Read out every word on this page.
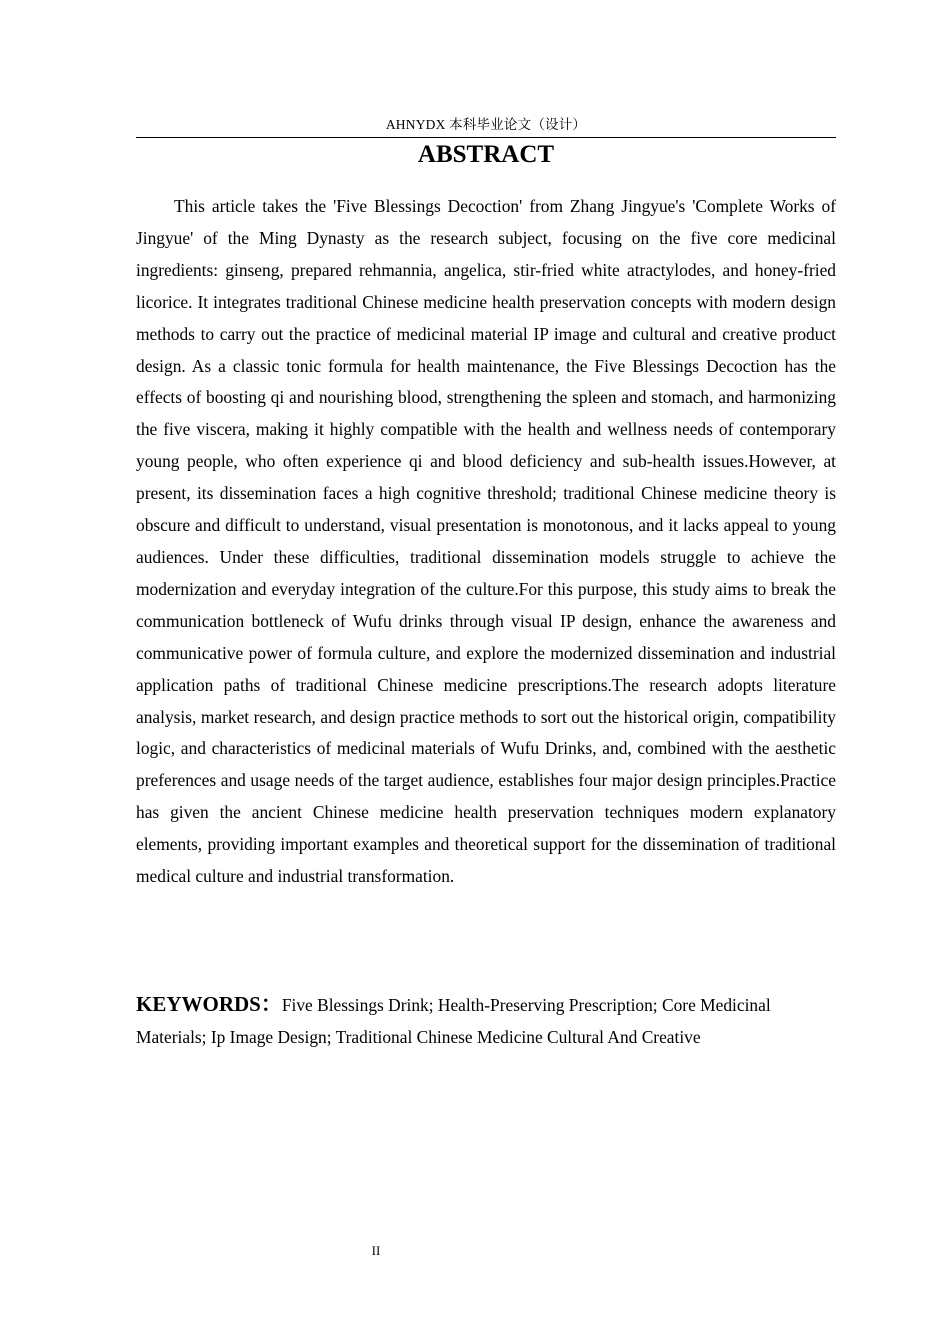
AHNYDX 本科毕业论文（设计）
ABSTRACT

This article takes the 'Five Blessings Decoction' from Zhang Jingyue's 'Complete Works of Jingyue' of the Ming Dynasty as the research subject, focusing on the five core medicinal ingredients: ginseng, prepared rehmannia, angelica, stir-fried white atractylodes, and honey-fried licorice. It integrates traditional Chinese medicine health preservation concepts with modern design methods to carry out the practice of medicinal material IP image and cultural and creative product design. As a classic tonic formula for health maintenance, the Five Blessings Decoction has the effects of boosting qi and nourishing blood, strengthening the spleen and stomach, and harmonizing the five viscera, making it highly compatible with the health and wellness needs of contemporary young people, who often experience qi and blood deficiency and sub-health issues.However, at present, its dissemination faces a high cognitive threshold; traditional Chinese medicine theory is obscure and difficult to understand, visual presentation is monotonous, and it lacks appeal to young audiences. Under these difficulties, traditional dissemination models struggle to achieve the modernization and everyday integration of the culture.For this purpose, this study aims to break the communication bottleneck of Wufu drinks through visual IP design, enhance the awareness and communicative power of formula culture, and explore the modernized dissemination and industrial application paths of traditional Chinese medicine prescriptions.The research adopts literature analysis, market research, and design practice methods to sort out the historical origin, compatibility logic, and characteristics of medicinal materials of Wufu Drinks, and, combined with the aesthetic preferences and usage needs of the target audience, establishes four major design principles.Practice has given the ancient Chinese medicine health preservation techniques modern explanatory elements, providing important examples and theoretical support for the dissemination of traditional medical culture and industrial transformation.

KEYWORDS：Five Blessings Drink; Health-Preserving Prescription; Core Medicinal Materials; Ip Image Design; Traditional Chinese Medicine Cultural And Creative

II
